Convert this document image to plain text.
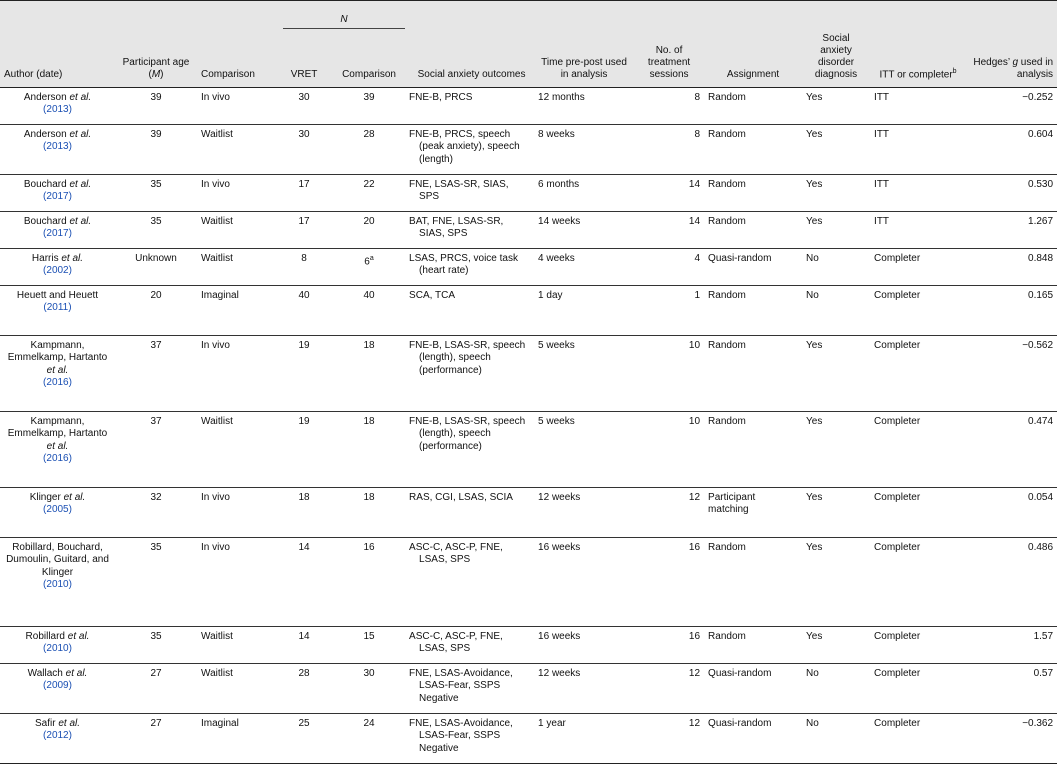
			N								

Author (date)	Participant age (M)	Comparison	VRET	Comparison	Social anxiety outcomes	Time pre-post used in analysis	No. of treatment sessions	Assignment	Social anxiety disorder diagnosis	ITT or completer$^b$	Hedges’ g used in analysis
Anderson et al.
(2013)	39	In vivo	30	39	FNE-B, PRCS	12 months	8	Random	Yes	ITT	−0.252
Anderson et al.
(2013)	39	Waitlist	30	28	FNE-B, PRCS, speech (peak anxiety), speech (length)	8 weeks	8	Random	Yes	ITT	0.604
Bouchard et al.
(2017)	35	In vivo	17	22	FNE, LSAS-SR, SIAS, SPS	6 months	14	Random	Yes	ITT	0.530
Bouchard et al.
(2017)	35	Waitlist	17	20	BAT, FNE, LSAS-SR, SIAS, SPS	14 weeks	14	Random	Yes	ITT	1.267
Harris et al.
(2002)	Unknown	Waitlist	8	6$^a$	LSAS, PRCS, voice task (heart rate)	4 weeks	4	Quasi-random	No	Completer	0.848
Heuett and Heuett
(2011)	20	Imaginal	40	40	SCA, TCA	1 day	1	Random	No	Completer	0.165
Kampmann, Emmelkamp, Hartanto et al.
(2016)	37	In vivo	19	18	FNE-B, LSAS-SR, speech (length), speech (performance)	5 weeks	10	Random	Yes	Completer	−0.562
Kampmann, Emmelkamp, Hartanto et al.
(2016)	37	Waitlist	19	18	FNE-B, LSAS-SR, speech (length), speech (performance)	5 weeks	10	Random	Yes	Completer	0.474
Klinger et al.
(2005)	32	In vivo	18	18	RAS, CGI, LSAS, SCIA	12 weeks	12	Participant matching	Yes	Completer	0.054
Robillard, Bouchard, Dumoulin, Guitard, and Klinger
(2010)	35	In vivo	14	16	ASC-C, ASC-P, FNE, LSAS, SPS	16 weeks	16	Random	Yes	Completer	0.486
Robillard et al.
(2010)	35	Waitlist	14	15	ASC-C, ASC-P, FNE, LSAS, SPS	16 weeks	16	Random	Yes	Completer	1.57
Wallach et al.
(2009)	27	Waitlist	28	30	FNE, LSAS-Avoidance, LSAS-Fear, SSPS Negative	12 weeks	12	Quasi-random	No	Completer	0.57
Safir et al.
(2012)	27	Imaginal	25	24	FNE, LSAS-Avoidance, LSAS-Fear, SSPS Negative	1 year	12	Quasi-random	No	Completer	−0.362
